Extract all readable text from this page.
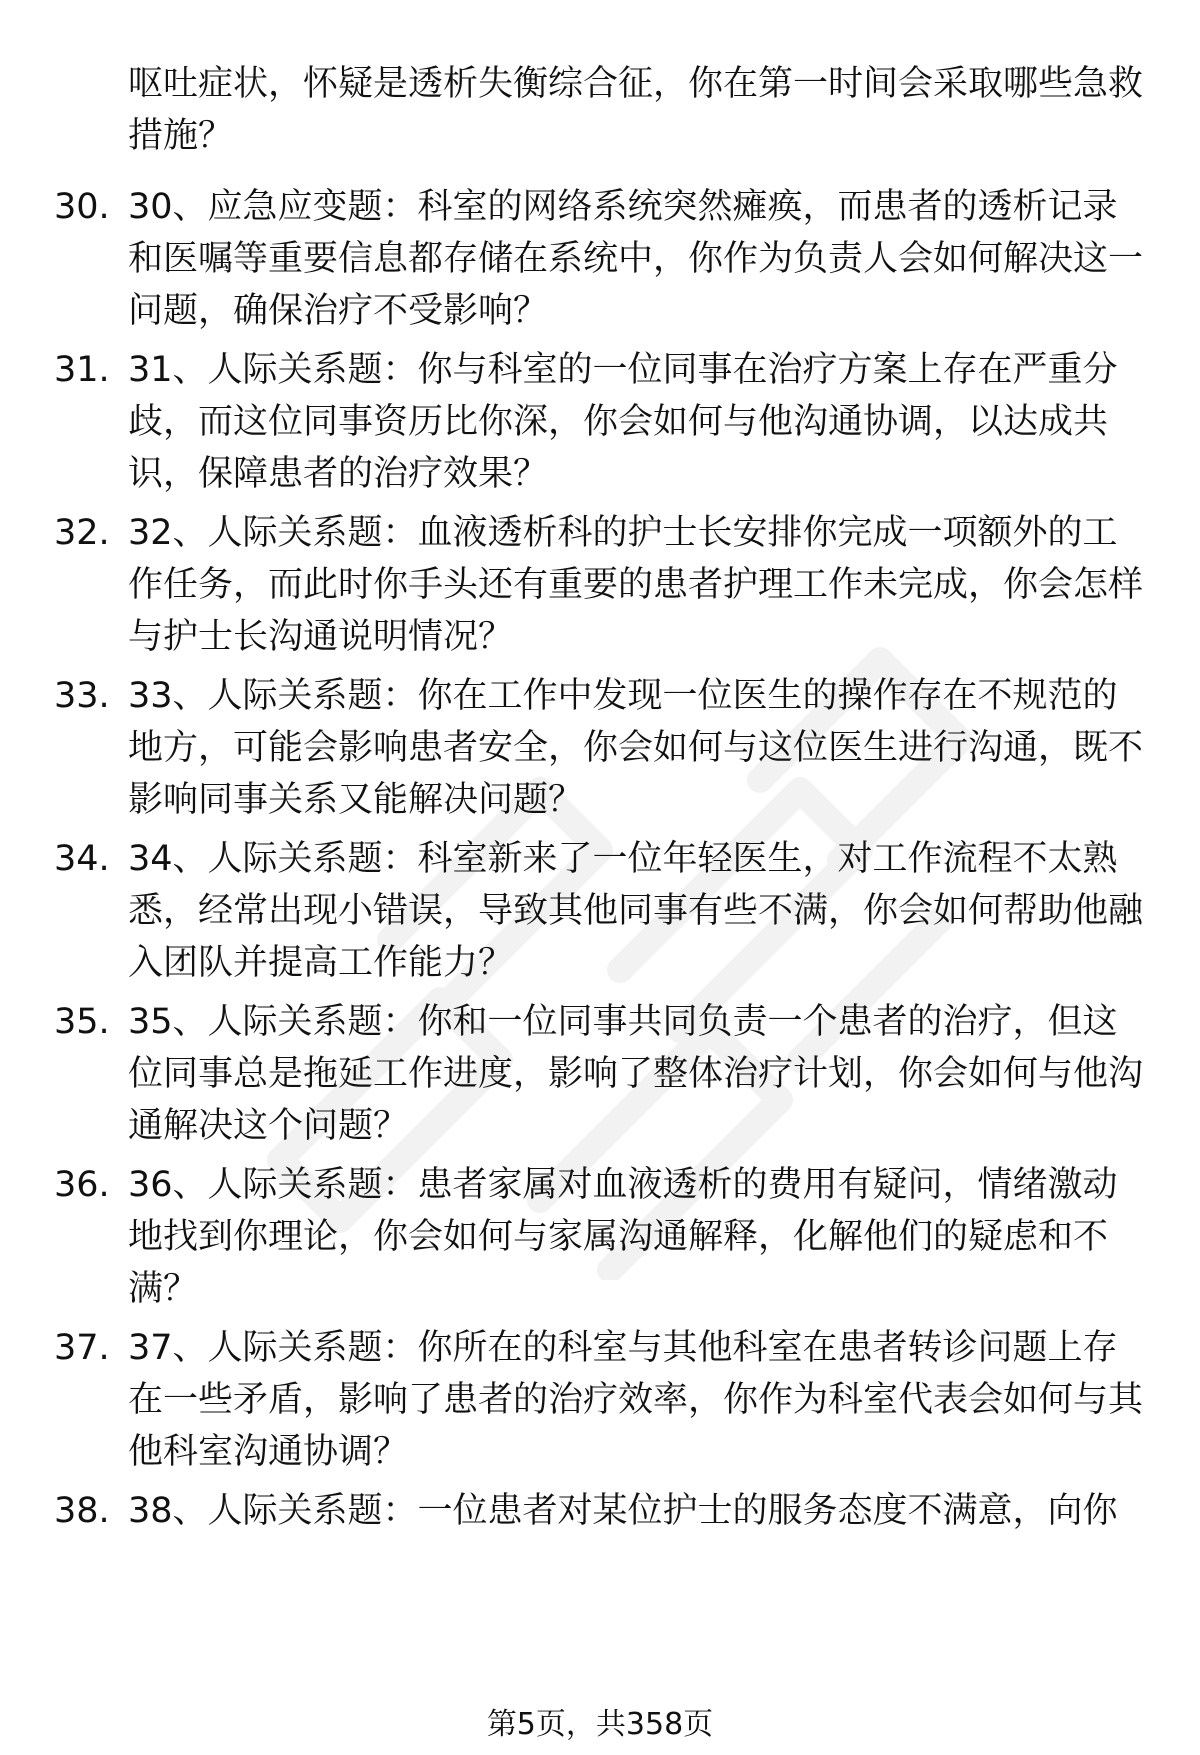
呕吐症状，怀疑是透析失衡综合征，你在第一时间会采取哪些急救措施？

30. 30、应急应变题：科室的网络系统突然瘫痪，而患者的透析记录和医嘱等重要信息都存储在系统中，你作为负责人会如何解决这一问题，确保治疗不受影响？

31. 31、人际关系题：你与科室的一位同事在治疗方案上存在严重分歧，而这位同事资历比你深，你会如何与他沟通协调，以达成共识，保障患者的治疗效果？

32. 32、人际关系题：血液透析科的护士长安排你完成一项额外的工作任务，而此时你手头还有重要的患者护理工作未完成，你会怎样与护士长沟通说明情况？

33. 33、人际关系题：你在工作中发现一位医生的操作存在不规范的地方，可能会影响患者安全，你会如何与这位医生进行沟通，既不影响同事关系又能解决问题？

34. 34、人际关系题：科室新来了一位年轻医生，对工作流程不太熟悉，经常出现小错误，导致其他同事有些不满，你会如何帮助他融入团队并提高工作能力？

35. 35、人际关系题：你和一位同事共同负责一个患者的治疗，但这位同事总是拖延工作进度，影响了整体治疗计划，你会如何与他沟通解决这个问题？

36. 36、人际关系题：患者家属对血液透析的费用有疑问，情绪激动地找到你理论，你会如何与家属沟通解释，化解他们的疑虑和不满？

37. 37、人际关系题：你所在的科室与其他科室在患者转诊问题上存在一些矛盾，影响了患者的治疗效率，你作为科室代表会如何与其他科室沟通协调？

38. 38、人际关系题：一位患者对某位护士的服务态度不满意，向你

第5页，共358页
